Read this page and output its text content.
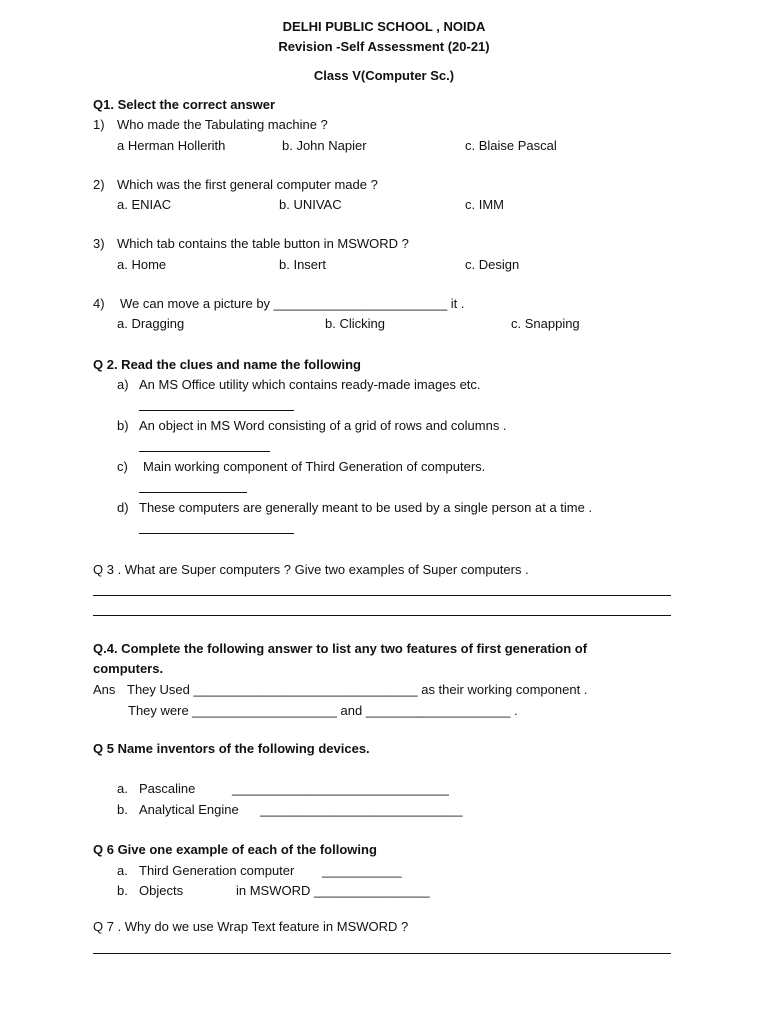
DELHI PUBLIC SCHOOL , NOIDA
Revision -Self Assessment (20-21)
Class V(Computer Sc.)
Q1. Select the correct answer
1) Who made the Tabulating machine ?
a Herman Hollerith	b. John Napier	c. Blaise Pascal
2) Which was the first general computer made ?
a. ENIAC	b. UNIVAC	c. IMM
3) Which tab contains the table button in MSWORD ?
a. Home	b. Insert	c. Design
4) We can move a picture by ________________________ it .
a. Dragging	b. Clicking	c. Snapping
Q 2. Read the clues and name the following
a) An MS Office utility which contains ready-made images etc.
b) An object in MS Word consisting of a grid of rows and columns .
c) Main working component of Third Generation of computers.
d) These computers are generally meant to be used by a single person at a time .
Q 3 . What are Super computers ? Give two examples of Super computers .
Q.4. Complete the following answer to list any two features of first generation of
computers.
Ans They Used _______________________________ as their working component .
They were ____________________ and ____________________ .
Q 5 Name inventors of the following devices.
a. Pascaline	______________________________
b. Analytical Engine ____________________________
Q 6 Give one example of each of the following
a. Third Generation computer ___________
b. Objects	in MSWORD ________________
Q 7 . Why do we use Wrap Text feature in MSWORD ?
